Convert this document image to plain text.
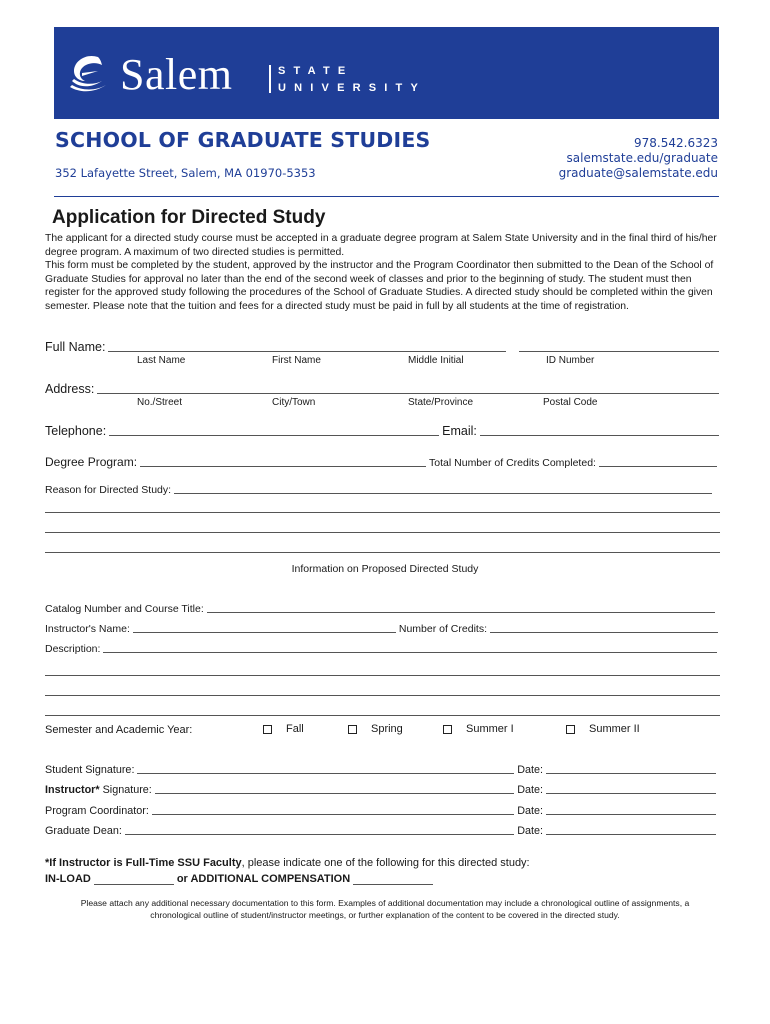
Salem	STATE
UNIVERSITY
SCHOOL OF GRADUATE STUDIES
352 Lafayette Street, Salem, MA 01970-5353
978.542.6323
salemstate.edu/graduate
graduate@salemstate.edu
Application for Directed Study

The applicant for a directed study course must be accepted in a graduate degree program at Salem State University and in the final third of his/her degree program. A maximum of two directed studies is permitted.

This form must be completed by the student, approved by the instructor and the Program Coordinator then submitted to the Dean of the School of Graduate Studies for approval no later than the end of the second week of classes and prior to the beginning of study. The student must then register for the approved study following the procedures of the School of Graduate Studies. A directed study should be completed within the given semester. Please note that the tuition and fees for a directed study must be paid in full by all students at the time of registration.

Full Name:
Last Name	First Name	Middle Initial	ID Number
Address:
No./Street	City/Town	State/Province	Postal Code
Telephone:	Email:
Degree Program:	Total Number of Credits Completed:
Reason for Directed Study:
Information on Proposed Directed Study
Catalog Number and Course Title:
Instructor's Name:	Number of Credits:
Description:
Semester and Academic Year:	Fall	Spring	Summer I	Summer II
Student Signature:	Date:
Instructor* Signature:	Date:
Program Coordinator:	Date:
Graduate Dean:	Date:
*If Instructor is Full-Time SSU Faculty , please indicate one of the following for this directed study:
IN-LOAD	or ADDITIONAL COMPENSATION
Please attach any additional necessary documentation to this form. Examples of additional documentation may include a chronological outline of assignments, a chronological outline of student/instructor meetings, or further explanation of the content to be covered in the directed study.
